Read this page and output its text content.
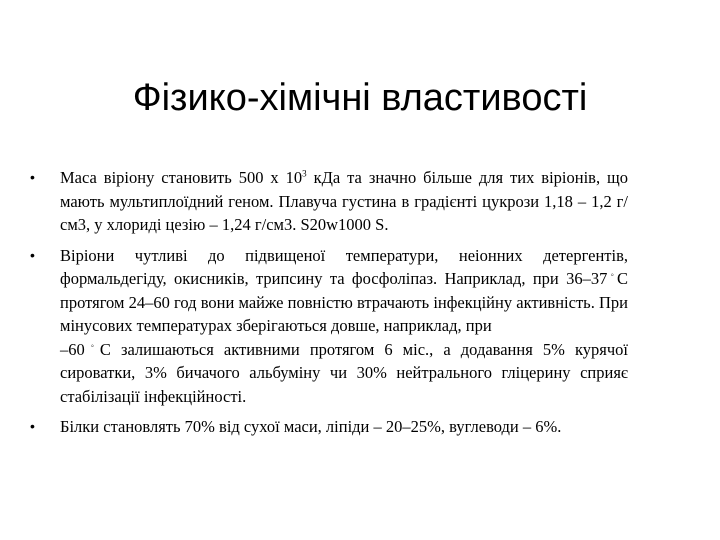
Фізико-хімічні властивості
• Маса віріону становить 500 x $10^3$ кДа та значно більше для тих віріонів, що мають мультиплоїдний геном. Плавуча густина в градієнті цукрози 1,18 – 1,2 г/см3, у хлориді цезію – 1,24 г/см3. S20w1000 S.
• Віріони чутливі до підвищеної температури, неіонних детергентів, формальдегіду, окисників, трипсину та фосфоліпаз. Наприклад, при 36–37◦С протягом 24–60 год вони майже повністю втрачають інфекційну активність. При мінусових температурах зберігаються довше, наприклад, при
–60◦С залишаються активними протягом 6 міс., а додавання 5% курячої сироватки, 3% бичачого альбуміну чи 30% нейтрального гліцерину сприяє стабілізації інфекційності.
• Білки становлять 70% від сухої маси, ліпіди – 20–25%, вуглеводи – 6%.
